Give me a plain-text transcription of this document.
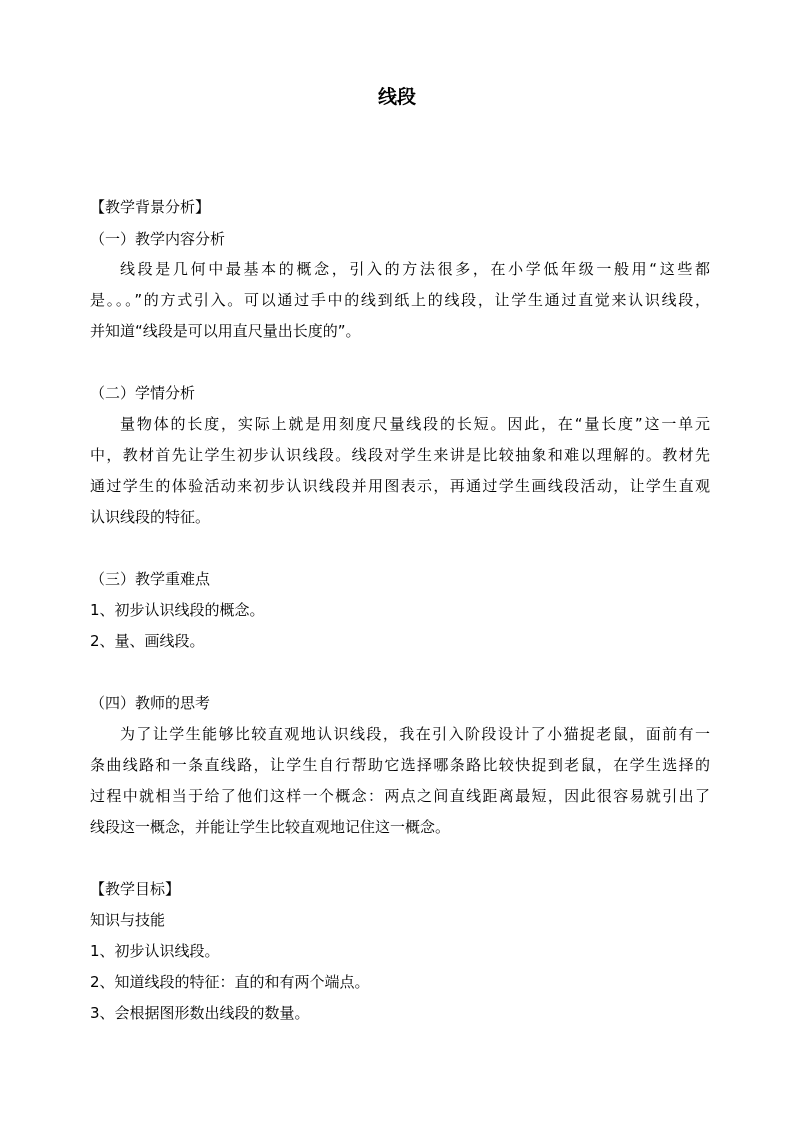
线段
【教学背景分析】
（一）教学内容分析
线段是几何中最基本的概念，引入的方法很多，在小学低年级一般用“这些都
是。。。”的方式引入。可以通过手中的线到纸上的线段，让学生通过直觉来认识线段，
并知道“线段是可以用直尺量出长度的”。
（二）学情分析
量物体的长度，实际上就是用刻度尺量线段的长短。因此，在“量长度”这一单元
中，教材首先让学生初步认识线段。线段对学生来讲是比较抽象和难以理解的。教材先
通过学生的体验活动来初步认识线段并用图表示，再通过学生画线段活动，让学生直观
认识线段的特征。
（三）教学重难点
1、初步认识线段的概念。
2、量、画线段。
（四）教师的思考
为了让学生能够比较直观地认识线段，我在引入阶段设计了小猫捉老鼠，面前有一
条曲线路和一条直线路，让学生自行帮助它选择哪条路比较快捉到老鼠，在学生选择的
过程中就相当于给了他们这样一个概念：两点之间直线距离最短，因此很容易就引出了
线段这一概念，并能让学生比较直观地记住这一概念。
【教学目标】
知识与技能
1、初步认识线段。
2、知道线段的特征：直的和有两个端点。
3、会根据图形数出线段的数量。
